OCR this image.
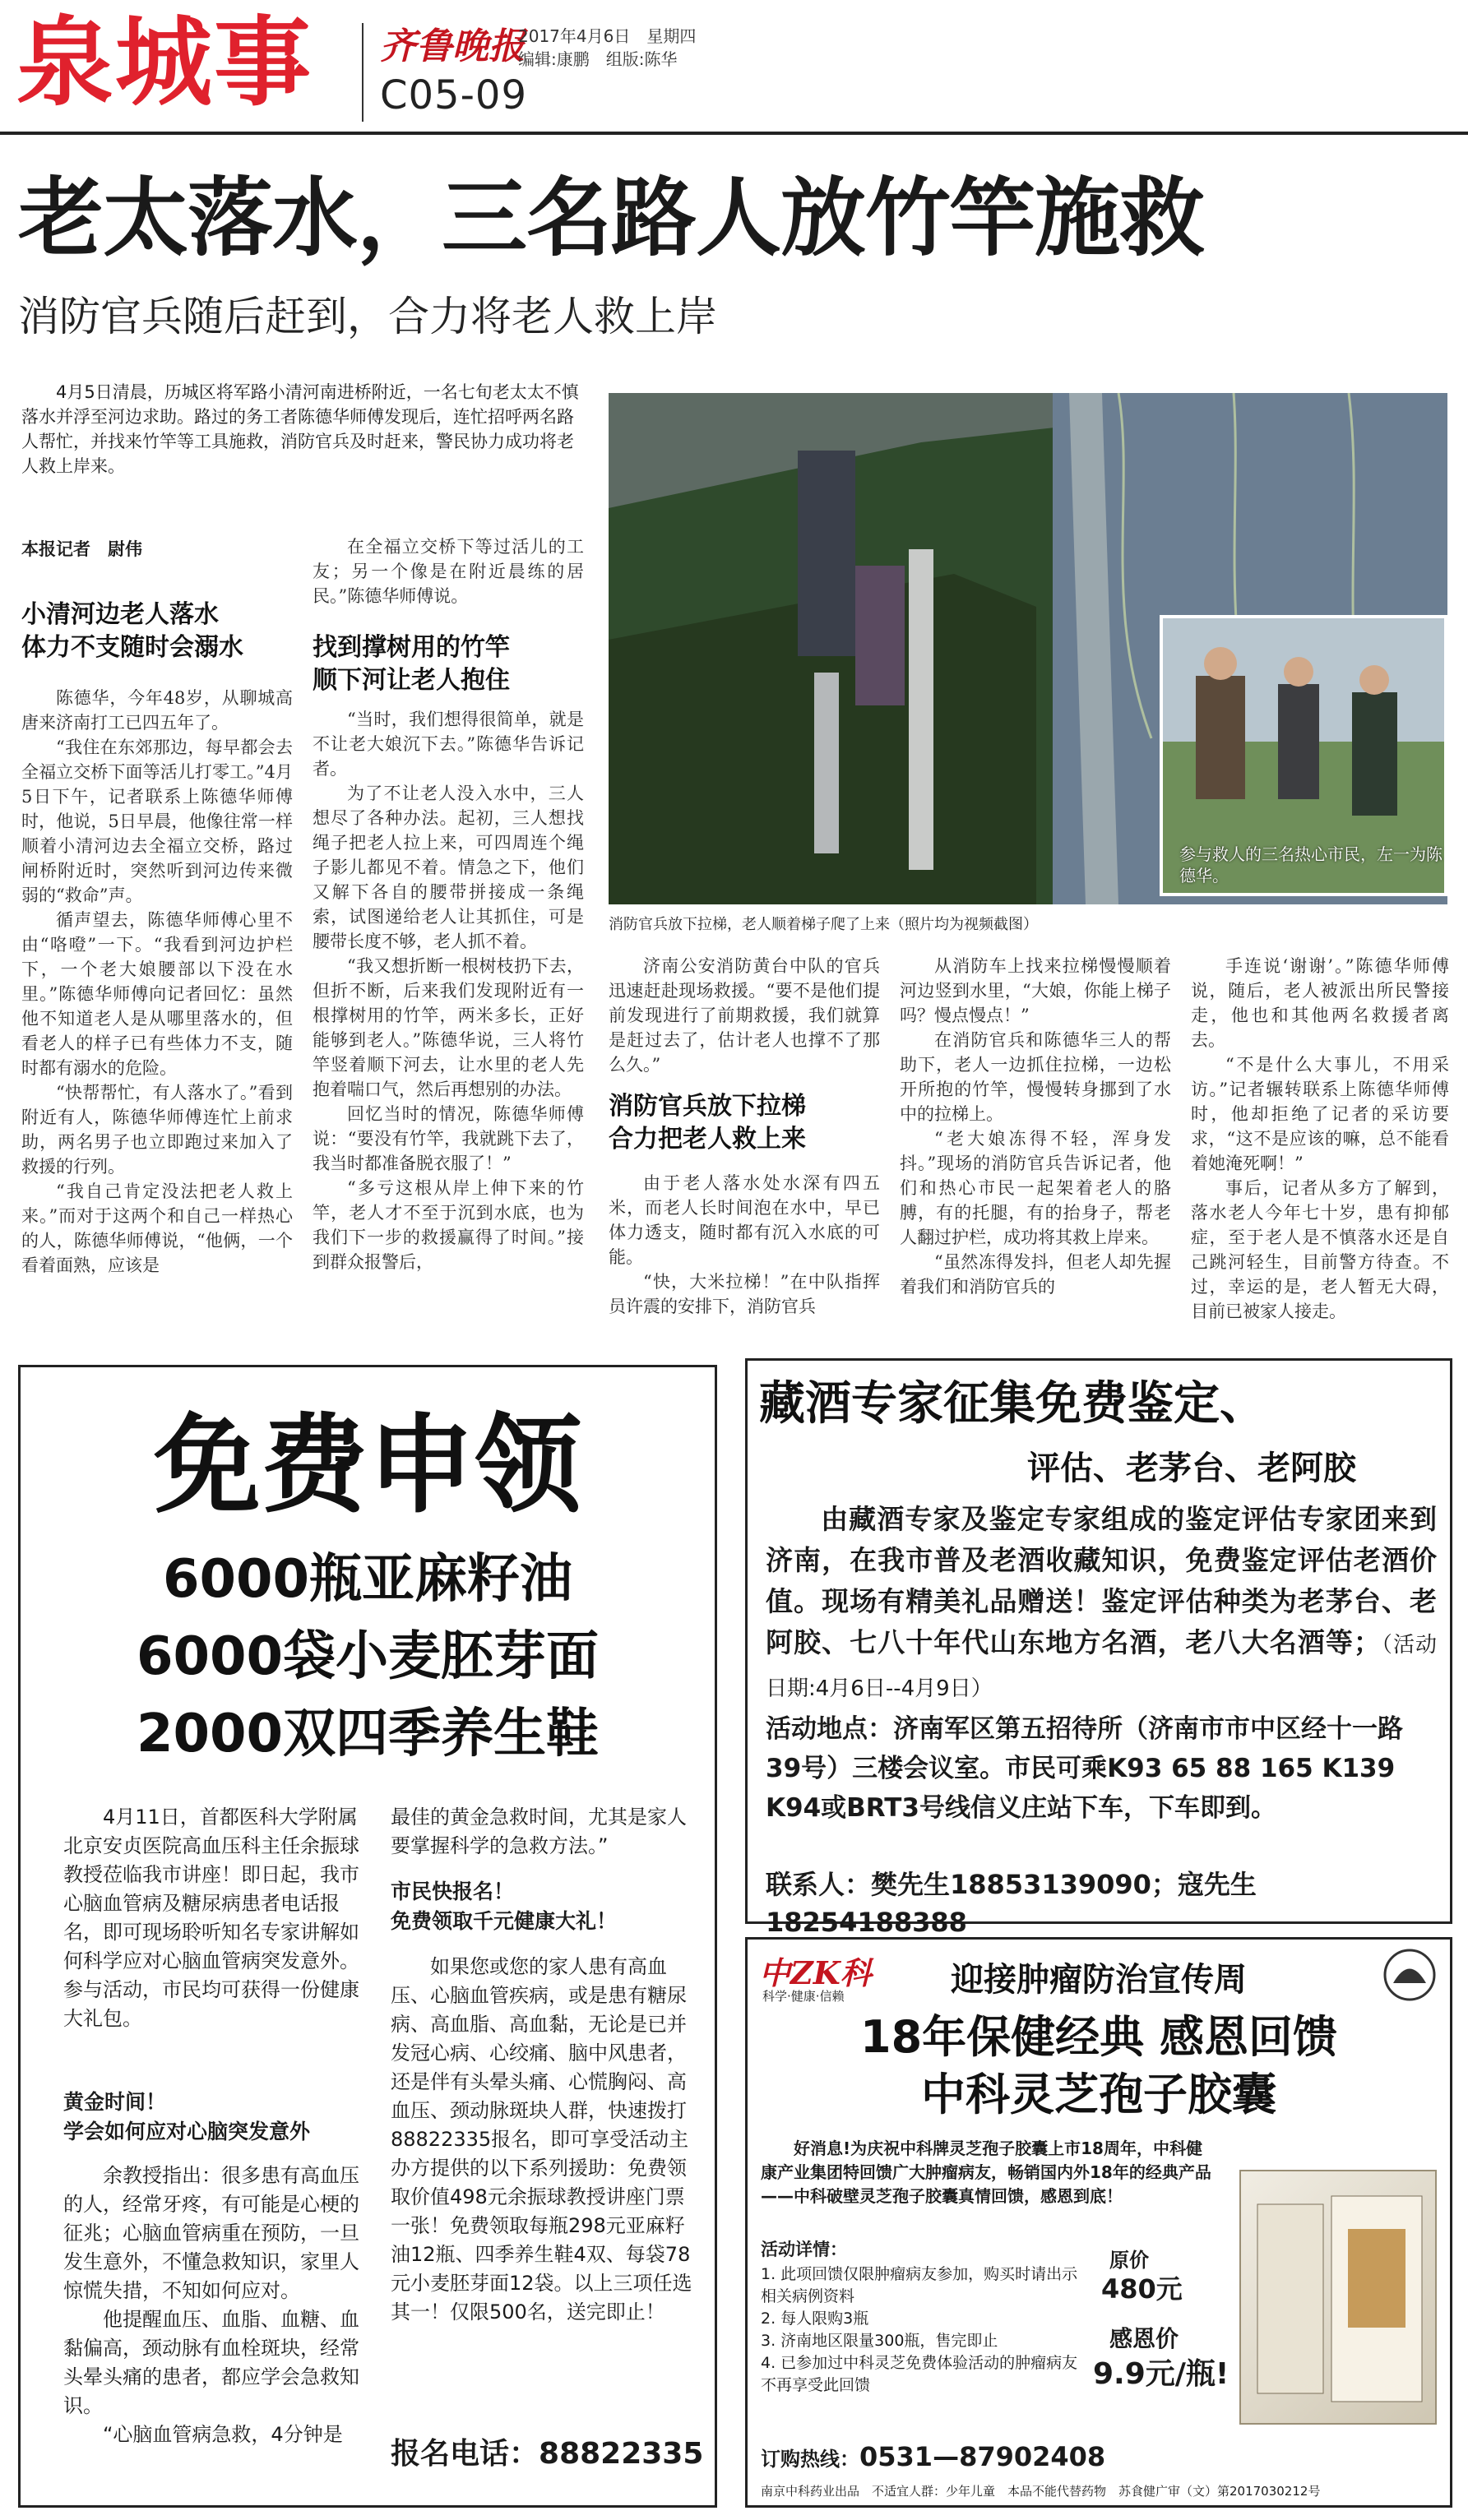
泉城事 齐鲁晚报
2017年4月6日　星期四
编辑:康鹏　组版:陈华
C05-09
老太落水，三名路人放竹竿施救
消防官兵随后赶到，合力将老人救上岸
4月5日清晨，历城区将军路小清河南进桥附近，一名七旬老太太不慎落水并浮至河边求助。路过的务工者陈德华师傅发现后，连忙招呼两名路人帮忙，并找来竹竿等工具施救，消防官兵及时赶来，警民协力成功将老人救上岸来。
本报记者　尉伟
小清河边老人落水
体力不支随时会溺水

陈德华，今年48岁，从聊城高唐来济南打工已四五年了。

“我住在东郊那边，每早都会去全福立交桥下面等活儿打零工。”4月5日下午，记者联系上陈德华师傅时，他说，5日早晨，他像往常一样顺着小清河边去全福立交桥，路过闸桥附近时，突然听到河边传来微弱的“救命”声。

循声望去，陈德华师傅心里不由“咯噔”一下。“我看到河边护栏下，一个老大娘腰部以下没在水里。”陈德华师傅向记者回忆：虽然他不知道老人是从哪里落水的，但看老人的样子已有些体力不支，随时都有溺水的危险。

“快帮帮忙，有人落水了。”看到附近有人，陈德华师傅连忙上前求助，两名男子也立即跑过来加入了救援的行列。

“我自己肯定没法把老人救上来。”而对于这两个和自己一样热心的人，陈德华师傅说，“他俩，一个看着面熟，应该是

在全福立交桥下等过活儿的工友；另一个像是在附近晨练的居民。”陈德华师傅说。

找到撑树用的竹竿
顺下河让老人抱住

“当时，我们想得很简单，就是不让老大娘沉下去。”陈德华告诉记者。

为了不让老人没入水中，三人想尽了各种办法。起初，三人想找绳子把老人拉上来，可四周连个绳子影儿都见不着。情急之下，他们又解下各自的腰带拼接成一条绳索，试图递给老人让其抓住，可是腰带长度不够，老人抓不着。

“我又想折断一根树枝扔下去，但折不断，后来我们发现附近有一根撑树用的竹竿，两米多长，正好能够到老人。”陈德华说，三人将竹竿竖着顺下河去，让水里的老人先抱着喘口气，然后再想别的办法。

回忆当时的情况，陈德华师傅说：“要没有竹竿，我就跳下去了，我当时都准备脱衣服了！”

“多亏这根从岸上伸下来的竹竿，老人才不至于沉到水底，也为我们下一步的救援赢得了时间。”接到群众报警后，

参与救人的三名热心市民，左一为陈德华。
消防官兵放下拉梯，老人顺着梯子爬了上来（照片均为视频截图）

济南公安消防黄台中队的官兵迅速赶赴现场救援。“要不是他们提前发现进行了前期救援，我们就算是赶过去了，估计老人也撑不了那么久。”

消防官兵放下拉梯
合力把老人救上来

由于老人落水处水深有四五米，而老人长时间泡在水中，早已体力透支，随时都有沉入水底的可能。

“快，大米拉梯！”在中队指挥员许震的安排下，消防官兵

从消防车上找来拉梯慢慢顺着河边竖到水里，“大娘，你能上梯子吗？慢点慢点！”

在消防官兵和陈德华三人的帮助下，老人一边抓住拉梯，一边松开所抱的竹竿，慢慢转身挪到了水中的拉梯上。

“老大娘冻得不轻，浑身发抖。”现场的消防官兵告诉记者，他们和热心市民一起架着老人的胳膊，有的托腿，有的抬身子，帮老人翻过护栏，成功将其救上岸来。

“虽然冻得发抖，但老人却先握着我们和消防官兵的

手连说‘谢谢’。”陈德华师傅说，随后，老人被派出所民警接走，他也和其他两名救援者离去。

“不是什么大事儿，不用采访。”记者辗转联系上陈德华师傅时，他却拒绝了记者的采访要求，“这不是应该的嘛，总不能看着她淹死啊！”

事后，记者从多方了解到，落水老人今年七十岁，患有抑郁症，至于老人是不慎落水还是自己跳河轻生，目前警方待查。不过，幸运的是，老人暂无大碍，目前已被家人接走。

免费申领
6000瓶亚麻籽油
6000袋小麦胚芽面
2000双四季养生鞋
4月11日，首都医科大学附属北京安贞医院高血压科主任余振球教授莅临我市讲座！即日起，我市心脑血管病及糖尿病患者电话报名，即可现场聆听知名专家讲解如何科学应对心脑血管病突发意外。参与活动，市民均可获得一份健康大礼包。
黄金时间！
学会如何应对心脑突发意外

余教授指出：很多患有高血压的人，经常牙疼，有可能是心梗的征兆；心脑血管病重在预防，一旦发生意外，不懂急救知识，家里人惊慌失措，不知如何应对。

他提醒血压、血脂、血糖、血黏偏高，颈动脉有血栓斑块，经常头晕头痛的患者，都应学会急救知识。

“心脑血管病急救，4分钟是

最佳的黄金急救时间，尤其是家人要掌握科学的急救方法。”
市民快报名！
免费领取千元健康大礼！
如果您或您的家人患有高血压、心脑血管疾病，或是患有糖尿病、高血脂、高血黏，无论是已并发冠心病、心绞痛、脑中风患者，还是伴有头晕头痛、心慌胸闷、高血压、颈动脉斑块人群，快速拨打88822335报名，即可享受活动主办方提供的以下系列援助：免费领取价值498元余振球教授讲座门票一张！免费领取每瓶298元亚麻籽油12瓶、四季养生鞋4双、每袋78元小麦胚芽面12袋。以上三项任选其一！仅限500名，送完即止！
报名电话：88822335
藏酒专家征集免费鉴定、
评估、老茅台、老阿胶
由藏酒专家及鉴定专家组成的鉴定评估专家团来到济南，在我市普及老酒收藏知识，免费鉴定评估老酒价值。现场有精美礼品赠送！鉴定评估种类为老茅台、老阿胶、七八十年代山东地方名酒，老八大名酒等；（活动日期:4月6日--4月9日）
活动地点：济南军区第五招待所（济南市市中区经十一路39号）三楼会议室。市民可乘K93 65 88 165 K139 K94或BRT3号线信义庄站下车，下车即到。
联系人：樊先生18853139090；寇先生 18254188388
中ZK科
科学·健康·信赖	迎接肿瘤防治宣传周
18年保健经典 感恩回馈
中科灵芝孢子胶囊
好消息!为庆祝中科牌灵芝孢子胶囊上市18周年，中科健康产业集团特回馈广大肿瘤病友，畅销国内外18年的经典产品——中科破壁灵芝孢子胶囊真情回馈，感恩到底！
活动详情：
1. 此项回馈仅限肿瘤病友参加，购买时请出示相关病例资料
2. 每人限购3瓶
3. 济南地区限量300瓶，售完即止
4. 已参加过中科灵芝免费体验活动的肿瘤病友不再享受此回馈
原价
480元
感恩价
9.9元/瓶!
订购热线：0531—87902408
南京中科药业出品　不适宜人群：少年儿童　本品不能代替药物　苏食健广审（文）第2017030212号
